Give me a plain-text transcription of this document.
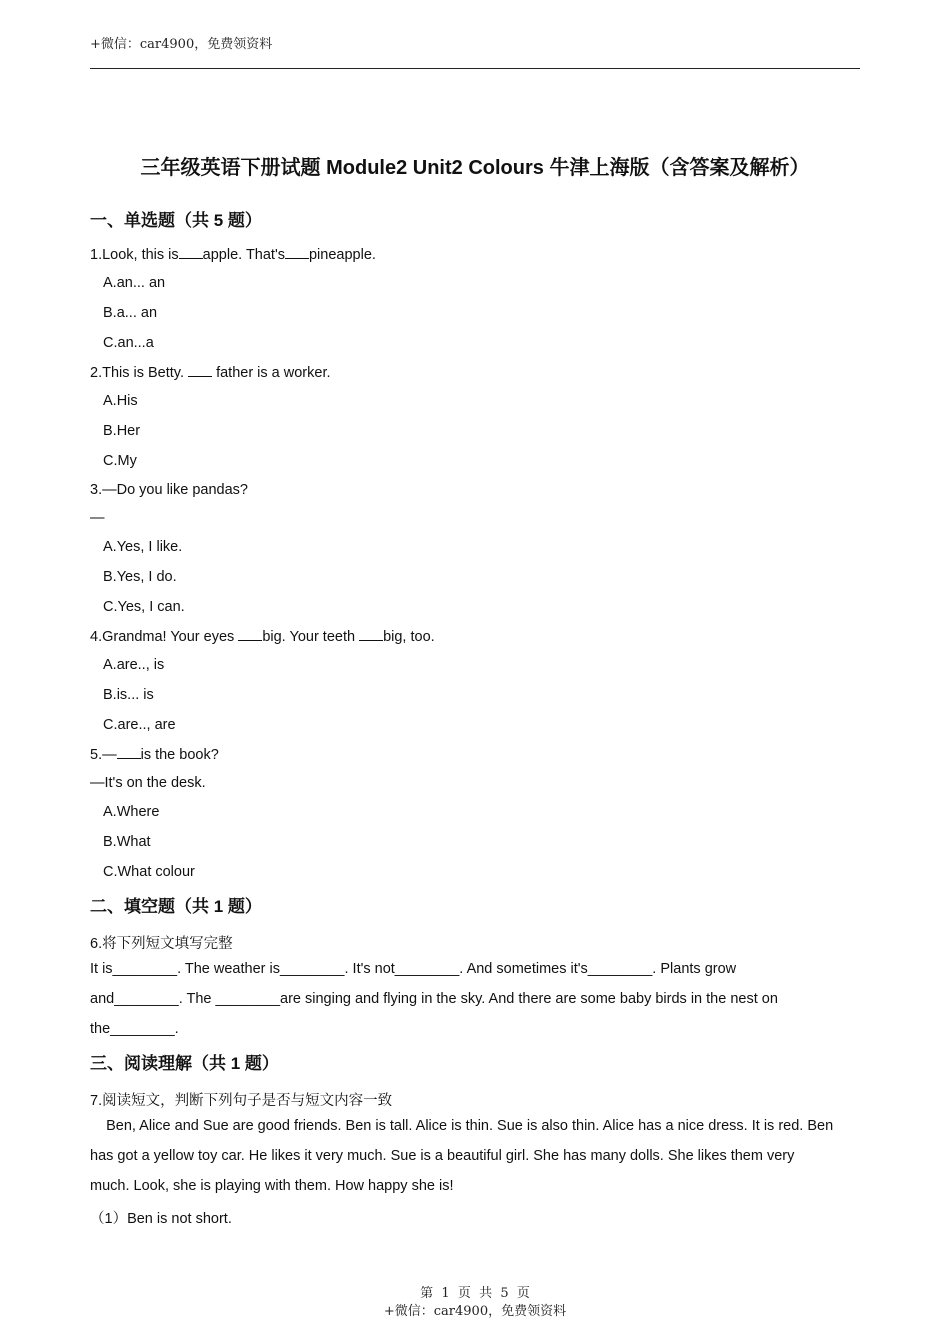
+微信：car4900，免费领资料
三年级英语下册试题 Module2 Unit2 Colours 牛津上海版（含答案及解析）
一、单选题（共 5 题）
1.Look, this is apple. That's pineapple.
A.an... an
B.a... an
C.an...a
2.This is Betty.  father is a worker.
A.His
B.Her
C.My
3.—Do you like pandas?
—
A.Yes, I like.
B.Yes, I do.
C.Yes, I can.
4.Grandma! Your eyes big. Your teeth big, too.
A.are.., is
B.is... is
C.are.., are
5.— is the book?
—It's on the desk.
A.Where
B.What
C.What colour
二、填空题（共 1 题）
6.将下列短文填写完整
It is________. The weather is________. It's not________. And sometimes it's________. Plants grow
and________. The ________are singing and flying in the sky. And there are some baby birds in the nest on
the________.
三、阅读理解（共 1 题）
7.阅读短文，判断下列句子是否与短文内容一致
Ben, Alice and Sue are good friends. Ben is tall. Alice is thin. Sue is also thin. Alice has a nice dress. It is red. Ben
has got a yellow toy car. He likes it very much. Sue is a beautiful girl. She has many dolls. She likes them very
much. Look, she is playing with them. How happy she is!
（1）Ben is not short.
第  1  页  共  5  页
+微信：car4900，免费领资料
